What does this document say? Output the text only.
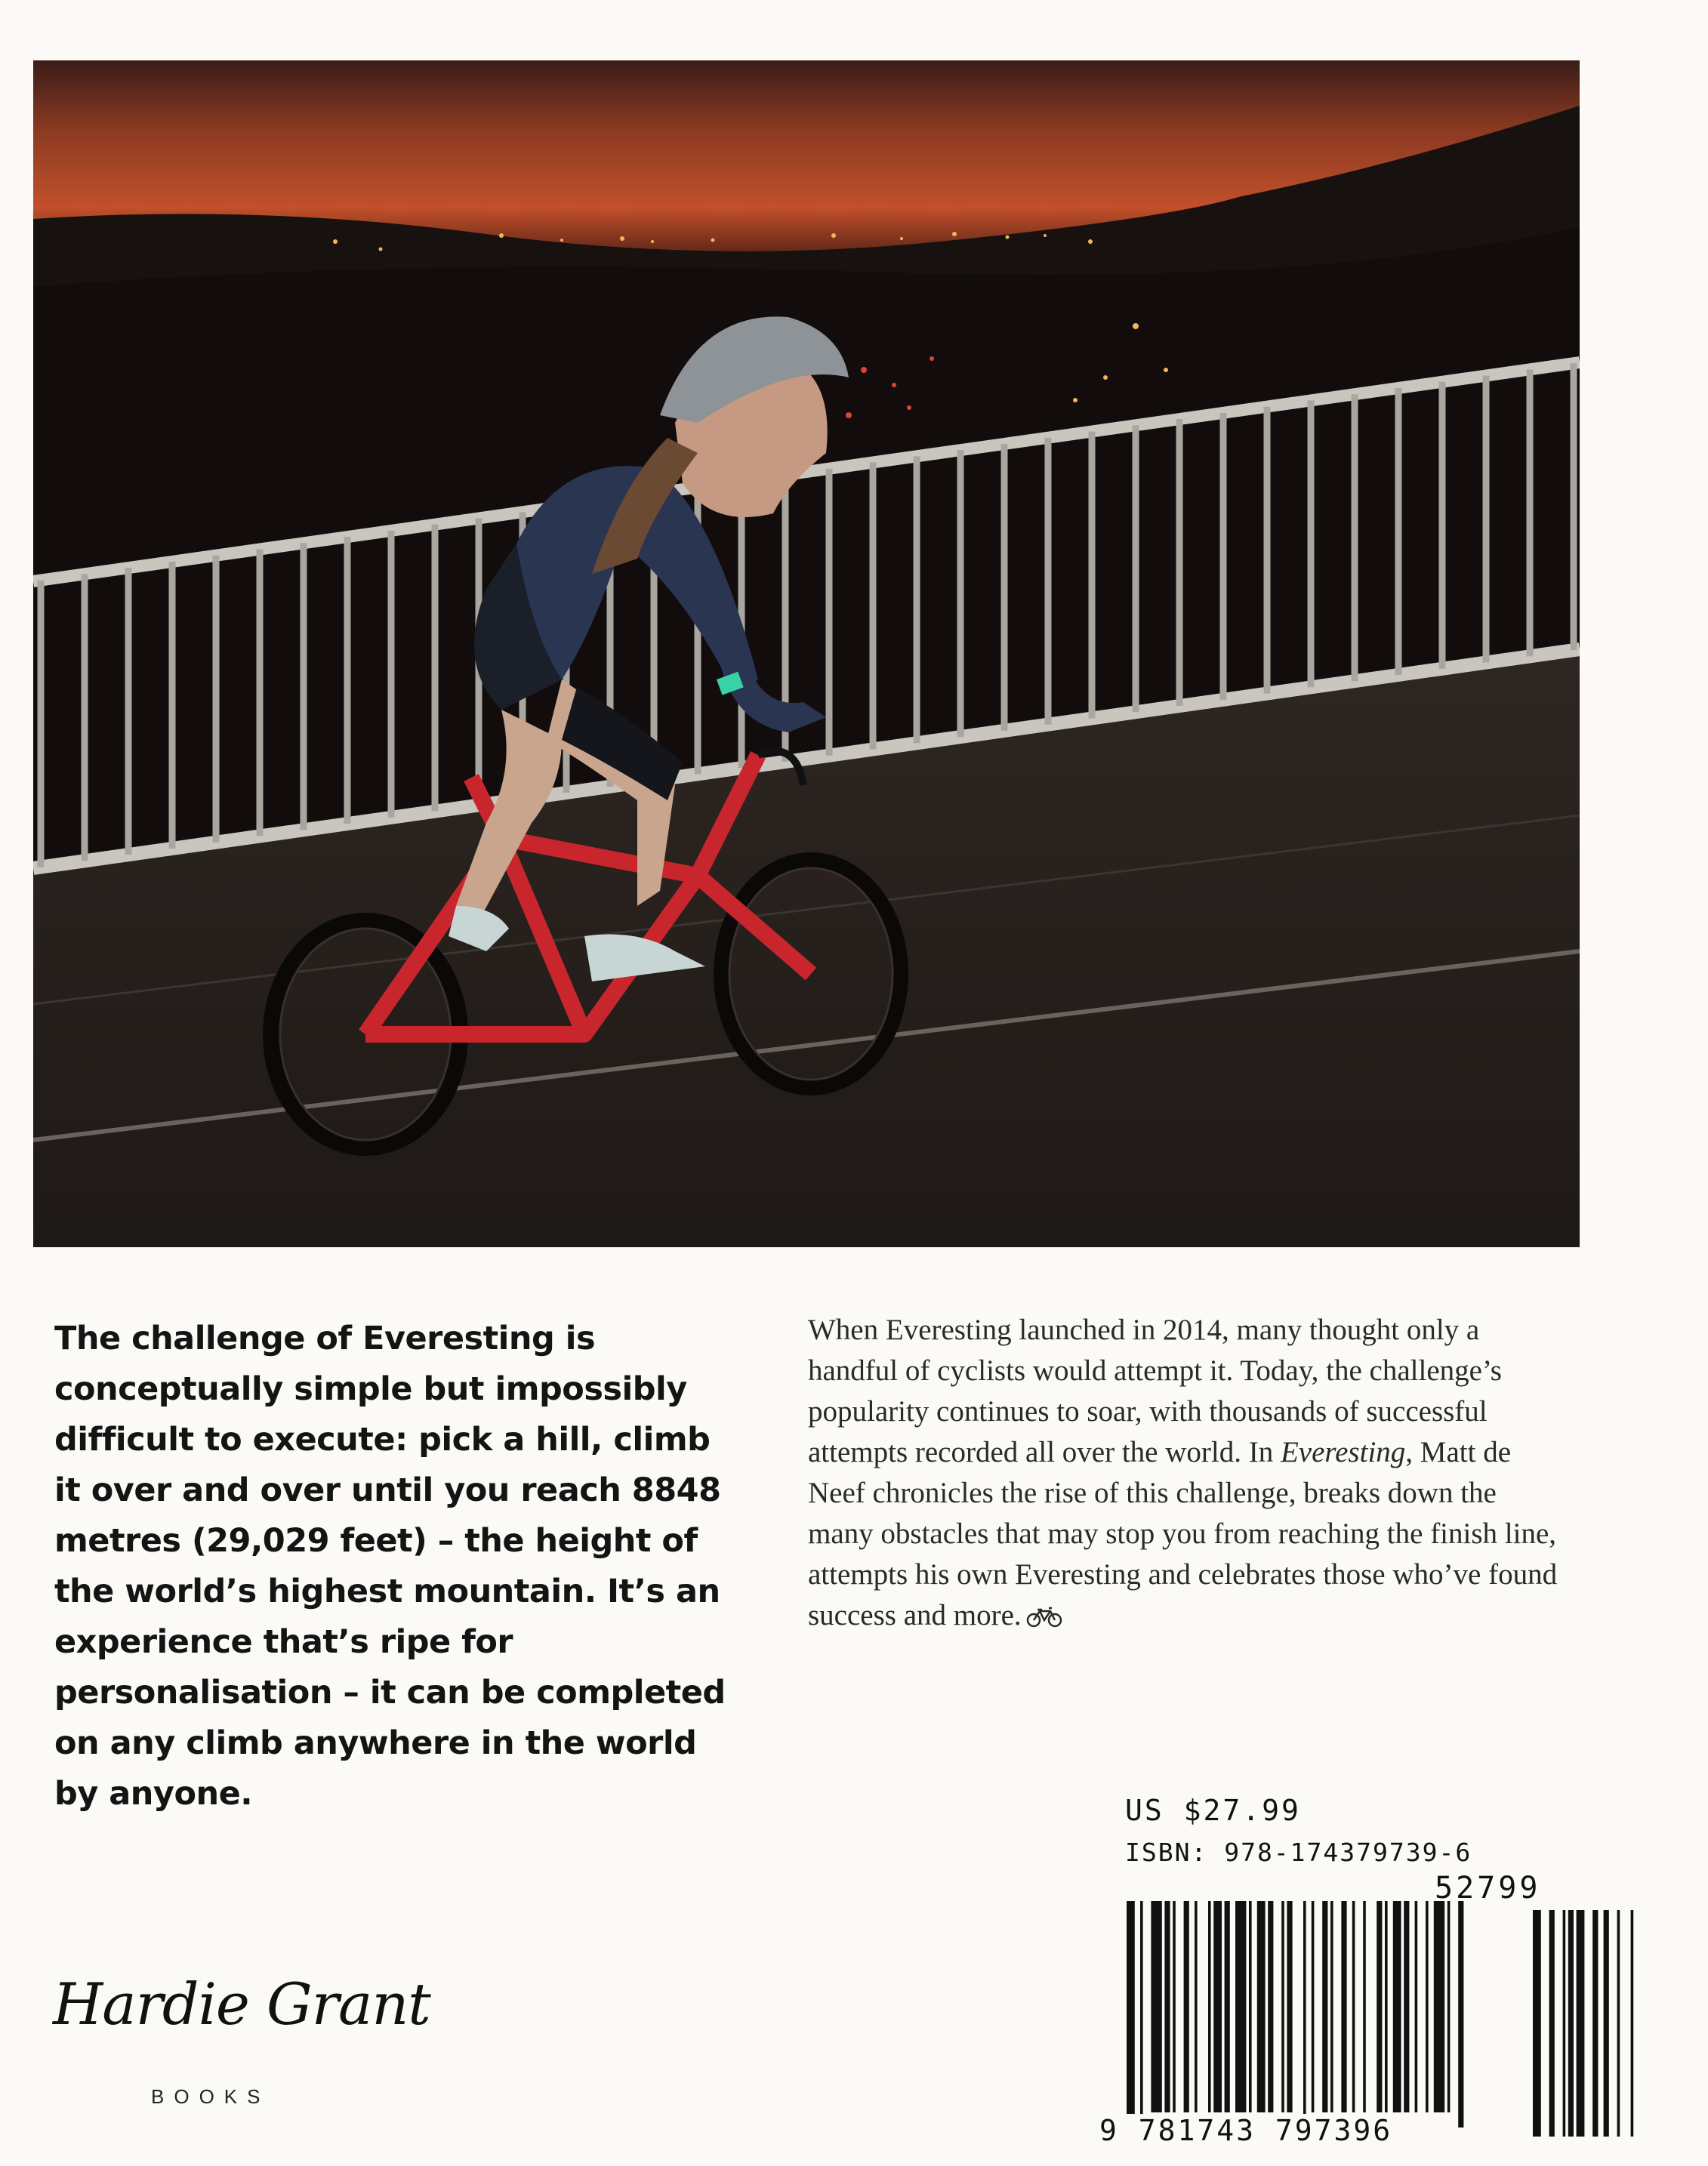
The challenge of Everesting is conceptually simple but impossibly difficult to execute: pick a hill, climb it over and over until you reach 8848 metres (29,029 feet) – the height of the world’s highest mountain. It’s an experience that’s ripe for personalisation – it can be completed on any climb anywhere in the world by anyone.

When Everesting launched in 2014, many thought only a handful of cyclists would attempt it. Today, the challenge’s popularity continues to soar, with thousands of successful attempts recorded all over the world. In Everesting, Matt de Neef chronicles the rise of this challenge, breaks down the many obstacles that may stop you from reaching the finish line, attempts his own Everesting and celebrates those who’ve found success and more.

Hardie Grant
BOOKS

US $27.99

ISBN: 978-174379739-6

52799

9 781743 797396
